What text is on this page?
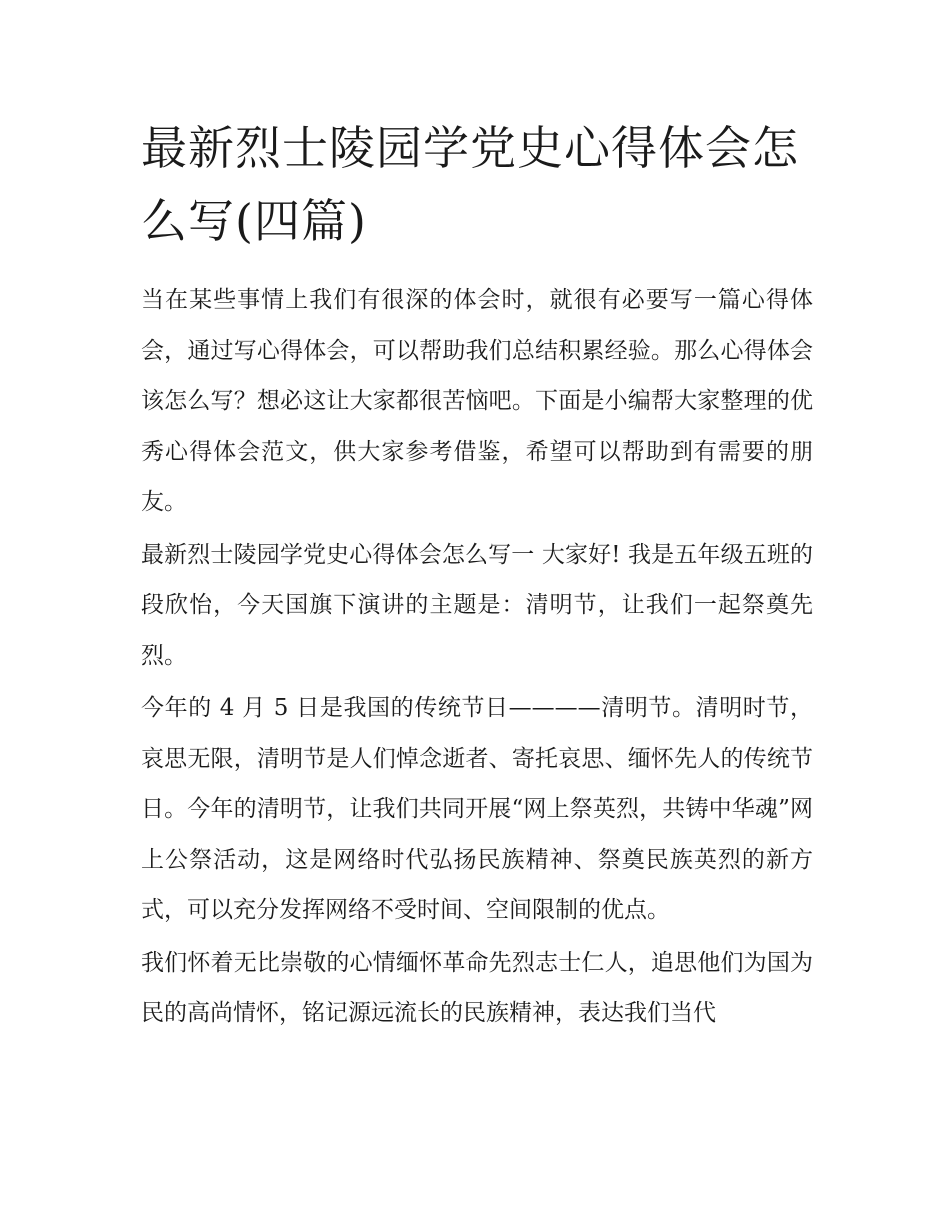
最新烈士陵园学党史心得体会怎么写(四篇)

当在某些事情上我们有很深的体会时，就很有必要写一篇心得体会，通过写心得体会，可以帮助我们总结积累经验。那么心得体会该怎么写？想必这让大家都很苦恼吧。下面是小编帮大家整理的优秀心得体会范文，供大家参考借鉴，希望可以帮助到有需要的朋友。

最新烈士陵园学党史心得体会怎么写一 大家好! 我是五年级五班的段欣怡，今天国旗下演讲的主题是：清明节，让我们一起祭奠先烈。

今年的 4 月 5 日是我国的传统节日————清明节。清明时节，哀思无限，清明节是人们悼念逝者、寄托哀思、缅怀先人的传统节日。今年的清明节，让我们共同开展“网上祭英烈，共铸中华魂”网上公祭活动，这是网络时代弘扬民族精神、祭奠民族英烈的新方式，可以充分发挥网络不受时间、空间限制的优点。

我们怀着无比崇敬的心情缅怀革命先烈志士仁人，追思他们为国为民的高尚情怀，铭记源远流长的民族精神，表达我们当代
